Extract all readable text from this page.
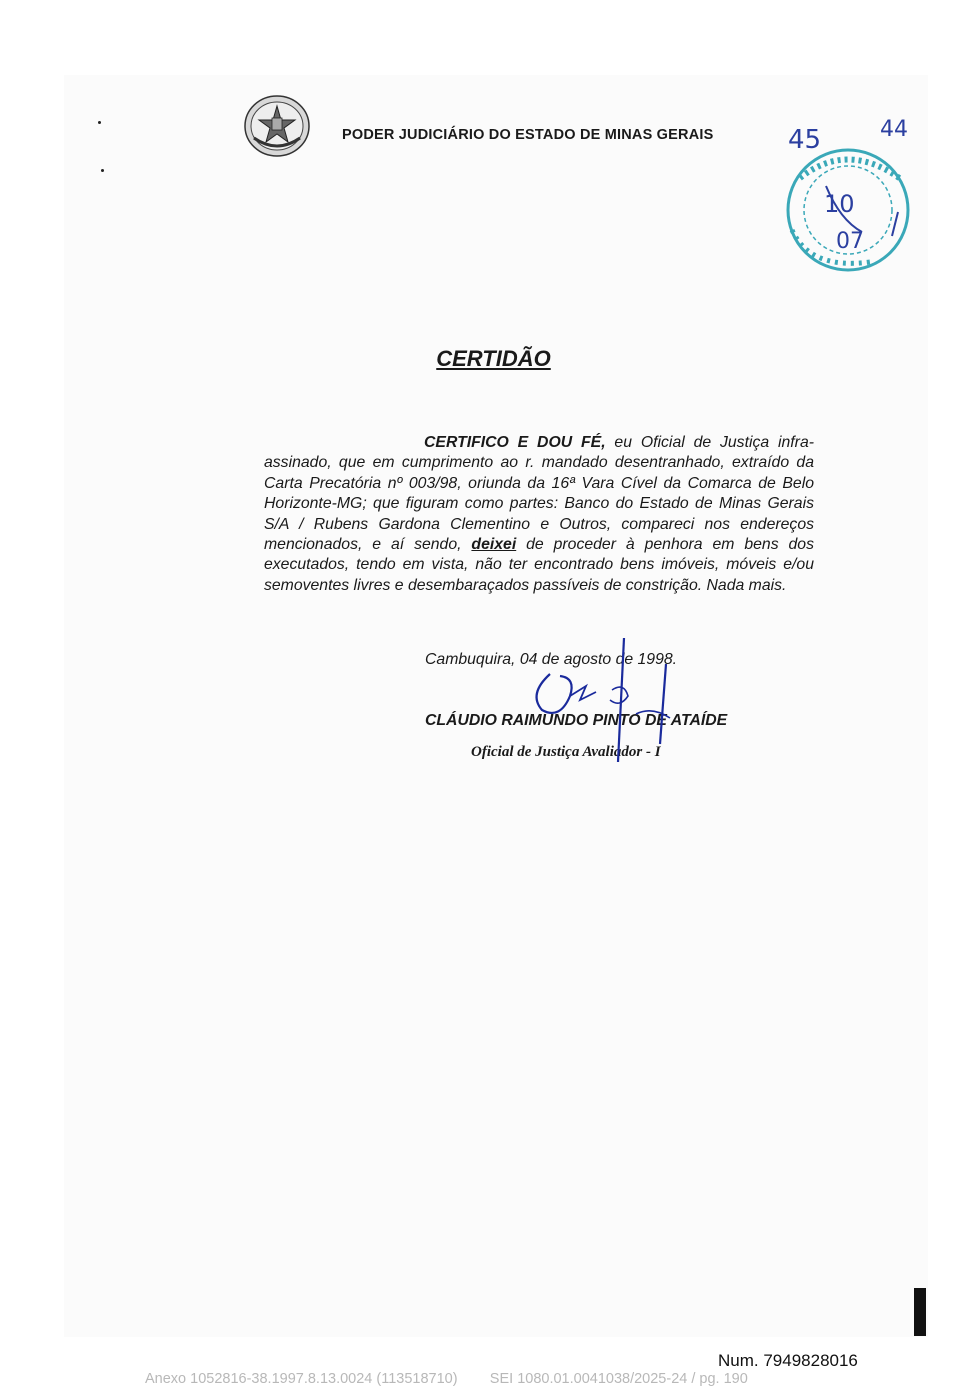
PODER JUDICIÁRIO DO ESTADO DE MINAS GERAIS	45	44
10
07
CERTIDÃO
CERTIFICO E DOU FÉ, eu Oficial de Justiça infra-assinado, que em cumprimento ao r. mandado desentranhado, extraído da Carta Precatória nº 003/98, oriunda da 16ª Vara Cível da Comarca de Belo Horizonte-MG; que figuram como partes: Banco do Estado de Minas Gerais S/A / Rubens Gardona Clementino e Outros, compareci nos endereços mencionados, e aí sendo, deixei de proceder à penhora em bens dos executados, tendo em vista, não ter encontrado bens imóveis, móveis e/ou semoventes livres e desembaraçados passíveis de constrição. Nada mais.
Cambuquira, 04 de agosto de 1998.
CLÁUDIO RAIMUNDO PINTO DE ATAÍDE
Oficial de Justiça Avaliador - I
Num. 7949828016
Anexo 1052816-38.1997.8.13.0024 (113518710) SEI 1080.01.0041038/2025-24 / pg. 190
